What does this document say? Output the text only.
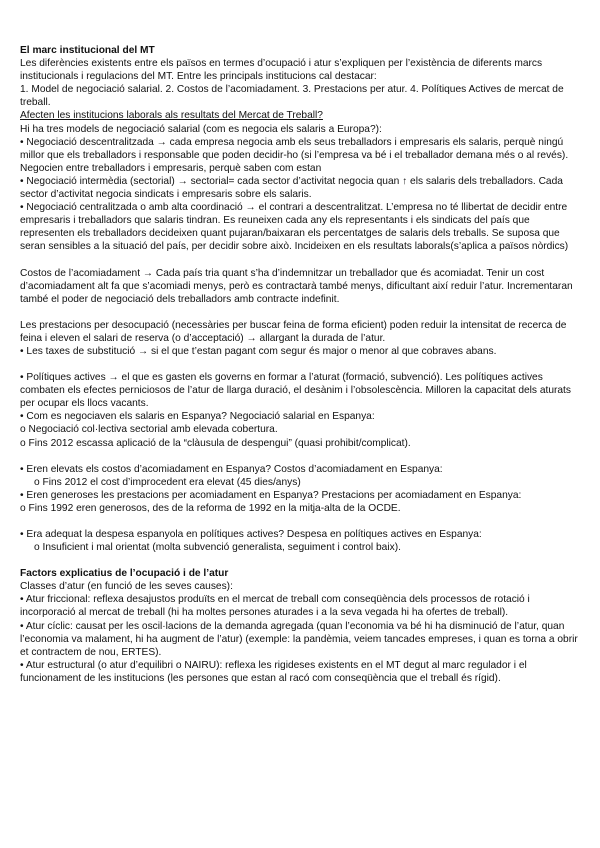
El marc institucional del MT

Les diferències existents entre els països en termes d’ocupació i atur s’expliquen per l’existència de diferents marcs institucionals i regulacions del MT. Entre les principals institucions cal destacar:

1. Model de negociació salarial. 2. Costos de l’acomiadament. 3. Prestacions per atur. 4. Polítiques Actives de mercat de treball.

Afecten les institucions laborals als resultats del Mercat de Treball?

Hi ha tres models de negociació salarial (com es negocia els salaris a Europa?):

• Negociació descentralitzada → cada empresa negocia amb els seus treballadors i empresaris els salaris, perquè ningú millor que els treballadors i responsable que poden decidir-ho (si l’empresa va bé i el treballador demana més o al revés). Negocien entre treballadors i empresaris, perquè saben com estan

• Negociació intermèdia (sectorial) → sectorial= cada sector d’activitat negocia quan ↑ els salaris dels treballadors. Cada sector d’activitat negocia sindicats i empresaris sobre els salaris.

• Negociació centralitzada o amb alta coordinació → el contrari a descentralitzat. L’empresa no té llibertat de decidir entre empresaris i treballadors que salaris tindran. Es reuneixen cada any els representants i els sindicats del país que representen els treballadors decideixen quant pujaran/baixaran els percentatges de salaris dels treballs. Se suposa que seran sensibles a la situació del país, per decidir sobre això. Incideixen en els resultats laborals(s’aplica a països nòrdics)

Costos de l’acomiadament → Cada país tria quant s’ha d’indemnitzar un treballador que és acomiadat. Tenir un cost d’acomiadament alt fa que s’acomiadi menys, però es contractarà també menys, dificultant així reduir l’atur. Incrementaran també el poder de negociació dels treballadors amb contracte indefinit.

Les prestacions per desocupació (necessàries per buscar feina de forma eficient) poden reduir la intensitat de recerca de feina i eleven el salari de reserva (o d’acceptació) → allargant la durada de l’atur.

• Les taxes de substitució → si el que t’estan pagant com segur és major o menor al que cobraves abans.

• Polítiques actives → el que es gasten els governs en formar a l’aturat (formació, subvenció). Les polítiques actives combaten els efectes perniciosos de l’atur de llarga duració, el desànim i l’obsolescència. Milloren la capacitat dels aturats per ocupar els llocs vacants.

• Com es negociaven els salaris en Espanya? Negociació salarial en Espanya:

o Negociació col·lectiva sectorial amb elevada cobertura.

o Fins 2012 escassa aplicació de la “clàusula de despengui” (quasi prohibit/complicat).

• Eren elevats els costos d’acomiadament en Espanya? Costos d’acomiadament en Espanya:

o Fins 2012 el cost d’improcedent era elevat (45 dies/anys)

• Eren generoses les prestacions per acomiadament en Espanya? Prestacions per acomiadament en Espanya:

o Fins 1992 eren generosos, des de la reforma de 1992 en la mitja-alta de la OCDE.

• Era adequat la despesa espanyola en polítiques actives? Despesa en polítiques actives en Espanya:

o Insuficient i mal orientat (molta subvenció generalista, seguiment i control baix).

Factors explicatius de l’ocupació i de l’atur

Classes d’atur (en funció de les seves causes):

• Atur friccional: reflexa desajustos produïts en el mercat de treball com conseqüència dels processos de rotació i incorporació al mercat de treball (hi ha moltes persones aturades i a la seva vegada hi ha ofertes de treball).

• Atur cíclic: causat per les oscil·lacions de la demanda agregada (quan l’economia va bé hi ha disminució de l’atur, quan l’economia va malament, hi ha augment de l’atur) (exemple: la pandèmia, veiem tancades empreses, i quan es torna a obrir et contractem de nou, ERTES).

• Atur estructural (o atur d’equilibri o NAIRU): reflexa les rigideses existents en el MT degut al marc regulador i el funcionament de les institucions (les persones que estan al racó com conseqüència que el treball és rígid).
